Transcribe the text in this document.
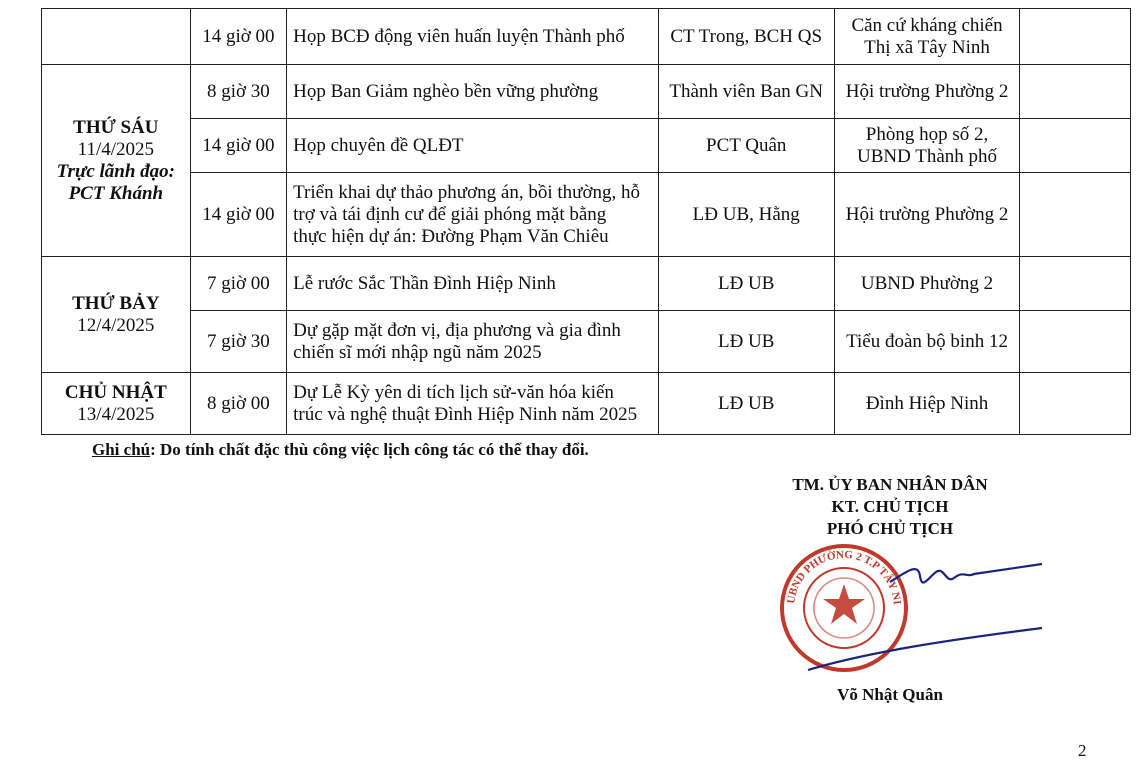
	14 giờ 00	Họp BCĐ động viên huấn luyện Thành phố	CT Trong, BCH QS	Căn cứ kháng chiến
Thị xã Tây Ninh	

THỨ SÁU
11/4/2025
Trực lãnh đạo:
PCT Khánh	8 giờ 30	Họp Ban Giảm nghèo bền vững phường	Thành viên Ban GN	Hội trường Phường 2	
	14 giờ 00	Họp chuyên đề QLĐT	PCT Quân	Phòng họp số 2,
UBND Thành phố	

	14 giờ 00	Triển khai dự thảo phương án, bồi thường, hỗ
trợ và tái định cư để giải phóng mặt bằng
thực hiện dự án: Đường Phạm Văn Chiêu	LĐ UB, Hằng	Hội trường Phường 2	

THỨ BẢY
12/4/2025	7 giờ 00	Lễ rước Sắc Thần Đình Hiệp Ninh	LĐ UB	UBND Phường 2	
	7 giờ 30	Dự gặp mặt đơn vị, địa phương và gia đình
chiến sĩ mới nhập ngũ năm 2025	LĐ UB	Tiểu đoàn bộ binh 12	

CHỦ NHẬT
13/4/2025	8 giờ 00	Dự Lễ Kỳ yên di tích lịch sử-văn hóa kiến
trúc và nghệ thuật Đình Hiệp Ninh năm 2025	LĐ UB	Đình Hiệp Ninh	
Ghi chú: Do tính chất đặc thù công việc lịch công tác có thể thay đổi.
TM. ỦY BAN NHÂN DÂN
KT. CHỦ TỊCH
PHÓ CHỦ TỊCH
UBND PHƯỜNG 2 T.P TÂY NI
Võ Nhật Quân
2
